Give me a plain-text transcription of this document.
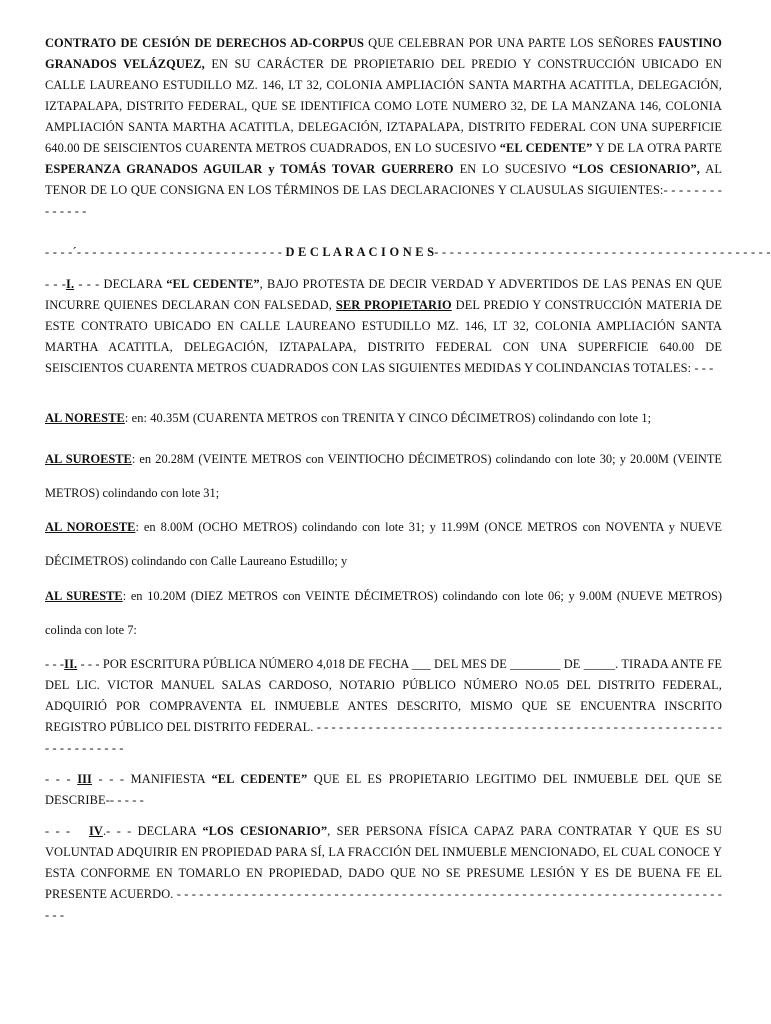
CONTRATO DE CESIÓN DE DERECHOS AD-CORPUS QUE CELEBRAN POR UNA PARTE LOS SEÑORES FAUSTINO GRANADOS VELÁZQUEZ, EN SU CARÁCTER DE PROPIETARIO DEL PREDIO Y CONSTRUCCIÓN UBICADO EN CALLE LAUREANO ESTUDILLO MZ. 146, LT 32, COLONIA AMPLIACIÓN SANTA MARTHA ACATITLA, DELEGACIÓN, IZTAPALAPA, DISTRITO FEDERAL, QUE SE IDENTIFICA COMO LOTE NUMERO 32, DE LA MANZANA 146, COLONIA AMPLIACIÓN SANTA MARTHA ACATITLA, DELEGACIÓN, IZTAPALAPA, DISTRITO FEDERAL CON UNA SUPERFICIE 640.00 DE SEISCIENTOS CUARENTA METROS CUADRADOS, EN LO SUCESIVO “EL CEDENTE” Y DE LA OTRA PARTE ESPERANZA GRANADOS AGUILAR y TOMÁS TOVAR GUERRERO EN LO SUCESIVO “LOS CESIONARIO”, AL TENOR DE LO QUE CONSIGNA EN LOS TÉRMINOS DE LAS DECLARACIONES Y CLAUSULAS SIGUIENTES:- - - - - - - - - - - - - -

- - - -´- - - - - - - - - - - - - - - - - - - - - - - - - - - D E C L A R A C I O N E S- - - - - - - - - - - - - - - - - - - - - - - - - - - - - - - - - - - - - - - - - - - -

- - -I. - - - DECLARA “EL CEDENTE”, BAJO PROTESTA DE DECIR VERDAD Y ADVERTIDOS DE LAS PENAS EN QUE INCURRE QUIENES DECLARAN CON FALSEDAD, SER PROPIETARIO DEL PREDIO Y CONSTRUCCIÓN MATERIA DE ESTE CONTRATO UBICADO EN CALLE LAUREANO ESTUDILLO MZ. 146, LT 32, COLONIA AMPLIACIÓN SANTA MARTHA ACATITLA, DELEGACIÓN, IZTAPALAPA, DISTRITO FEDERAL CON UNA SUPERFICIE 640.00 DE SEISCIENTOS CUARENTA METROS CUADRADOS CON LAS SIGUIENTES MEDIDAS Y COLINDANCIAS TOTALES: - - -

AL NORESTE: en: 40.35M (CUARENTA METROS con TRENITA Y CINCO DÉCIMETROS) colindando con lote 1;

AL SUROESTE: en 20.28M (VEINTE METROS con VEINTIOCHO DÉCIMETROS) colindando con lote 30; y 20.00M (VEINTE METROS) colindando con lote 31;

AL NOROESTE: en 8.00M (OCHO METROS) colindando con lote 31; y 11.99M (ONCE METROS con NOVENTA y NUEVE DÉCIMETROS) colindando con Calle Laureano Estudillo; y

AL SURESTE: en 10.20M (DIEZ METROS con VEINTE DÉCIMETROS) colindando con lote 06; y 9.00M (NUEVE METROS) colinda con lote 7:

- - -II. - - - POR ESCRITURA PÚBLICA NÚMERO 4,018 DE FECHA ___ DEL MES DE ________ DE _____. TIRADA ANTE FE DEL LIC. VICTOR MANUEL SALAS CARDOSO, NOTARIO PÚBLICO NÚMERO NO.05 DEL DISTRITO FEDERAL, ADQUIRIÓ POR COMPRAVENTA EL INMUEBLE ANTES DESCRITO, MISMO QUE SE ENCUENTRA INSCRITO REGISTRO PÚBLICO DEL DISTRITO FEDERAL. - - - - - - - - - - - - - - - - - - - - - - - - - - - - - - - - - - - - - - - - - - - - - - - - - - - - - - - - - - - - - - - - - -

- - - III - - - MANIFIESTA “EL CEDENTE” QUE EL ES PROPIETARIO LEGITIMO DEL INMUEBLE DEL QUE SE DESCRIBE-- - - - -

- - -   IV.- - - DECLARA “LOS CESIONARIO”, SER PERSONA FÍSICA CAPAZ PARA CONTRATAR Y QUE ES SU VOLUNTAD ADQUIRIR EN PROPIEDAD PARA SÍ, LA FRACCIÓN DEL INMUEBLE MENCIONADO, EL CUAL CONOCE Y ESTA CONFORME EN TOMARLO EN PROPIEDAD, DADO QUE NO SE PRESUME LESIÓN Y ES DE BUENA FE EL PRESENTE ACUERDO. - - - - - - - - - - - - - - - - - - - - - - - - - - - - - - - - - - - - - - - - - - - - - - - - - - - - - - - - - - - - - - - - - - - - - - - - - - - -
